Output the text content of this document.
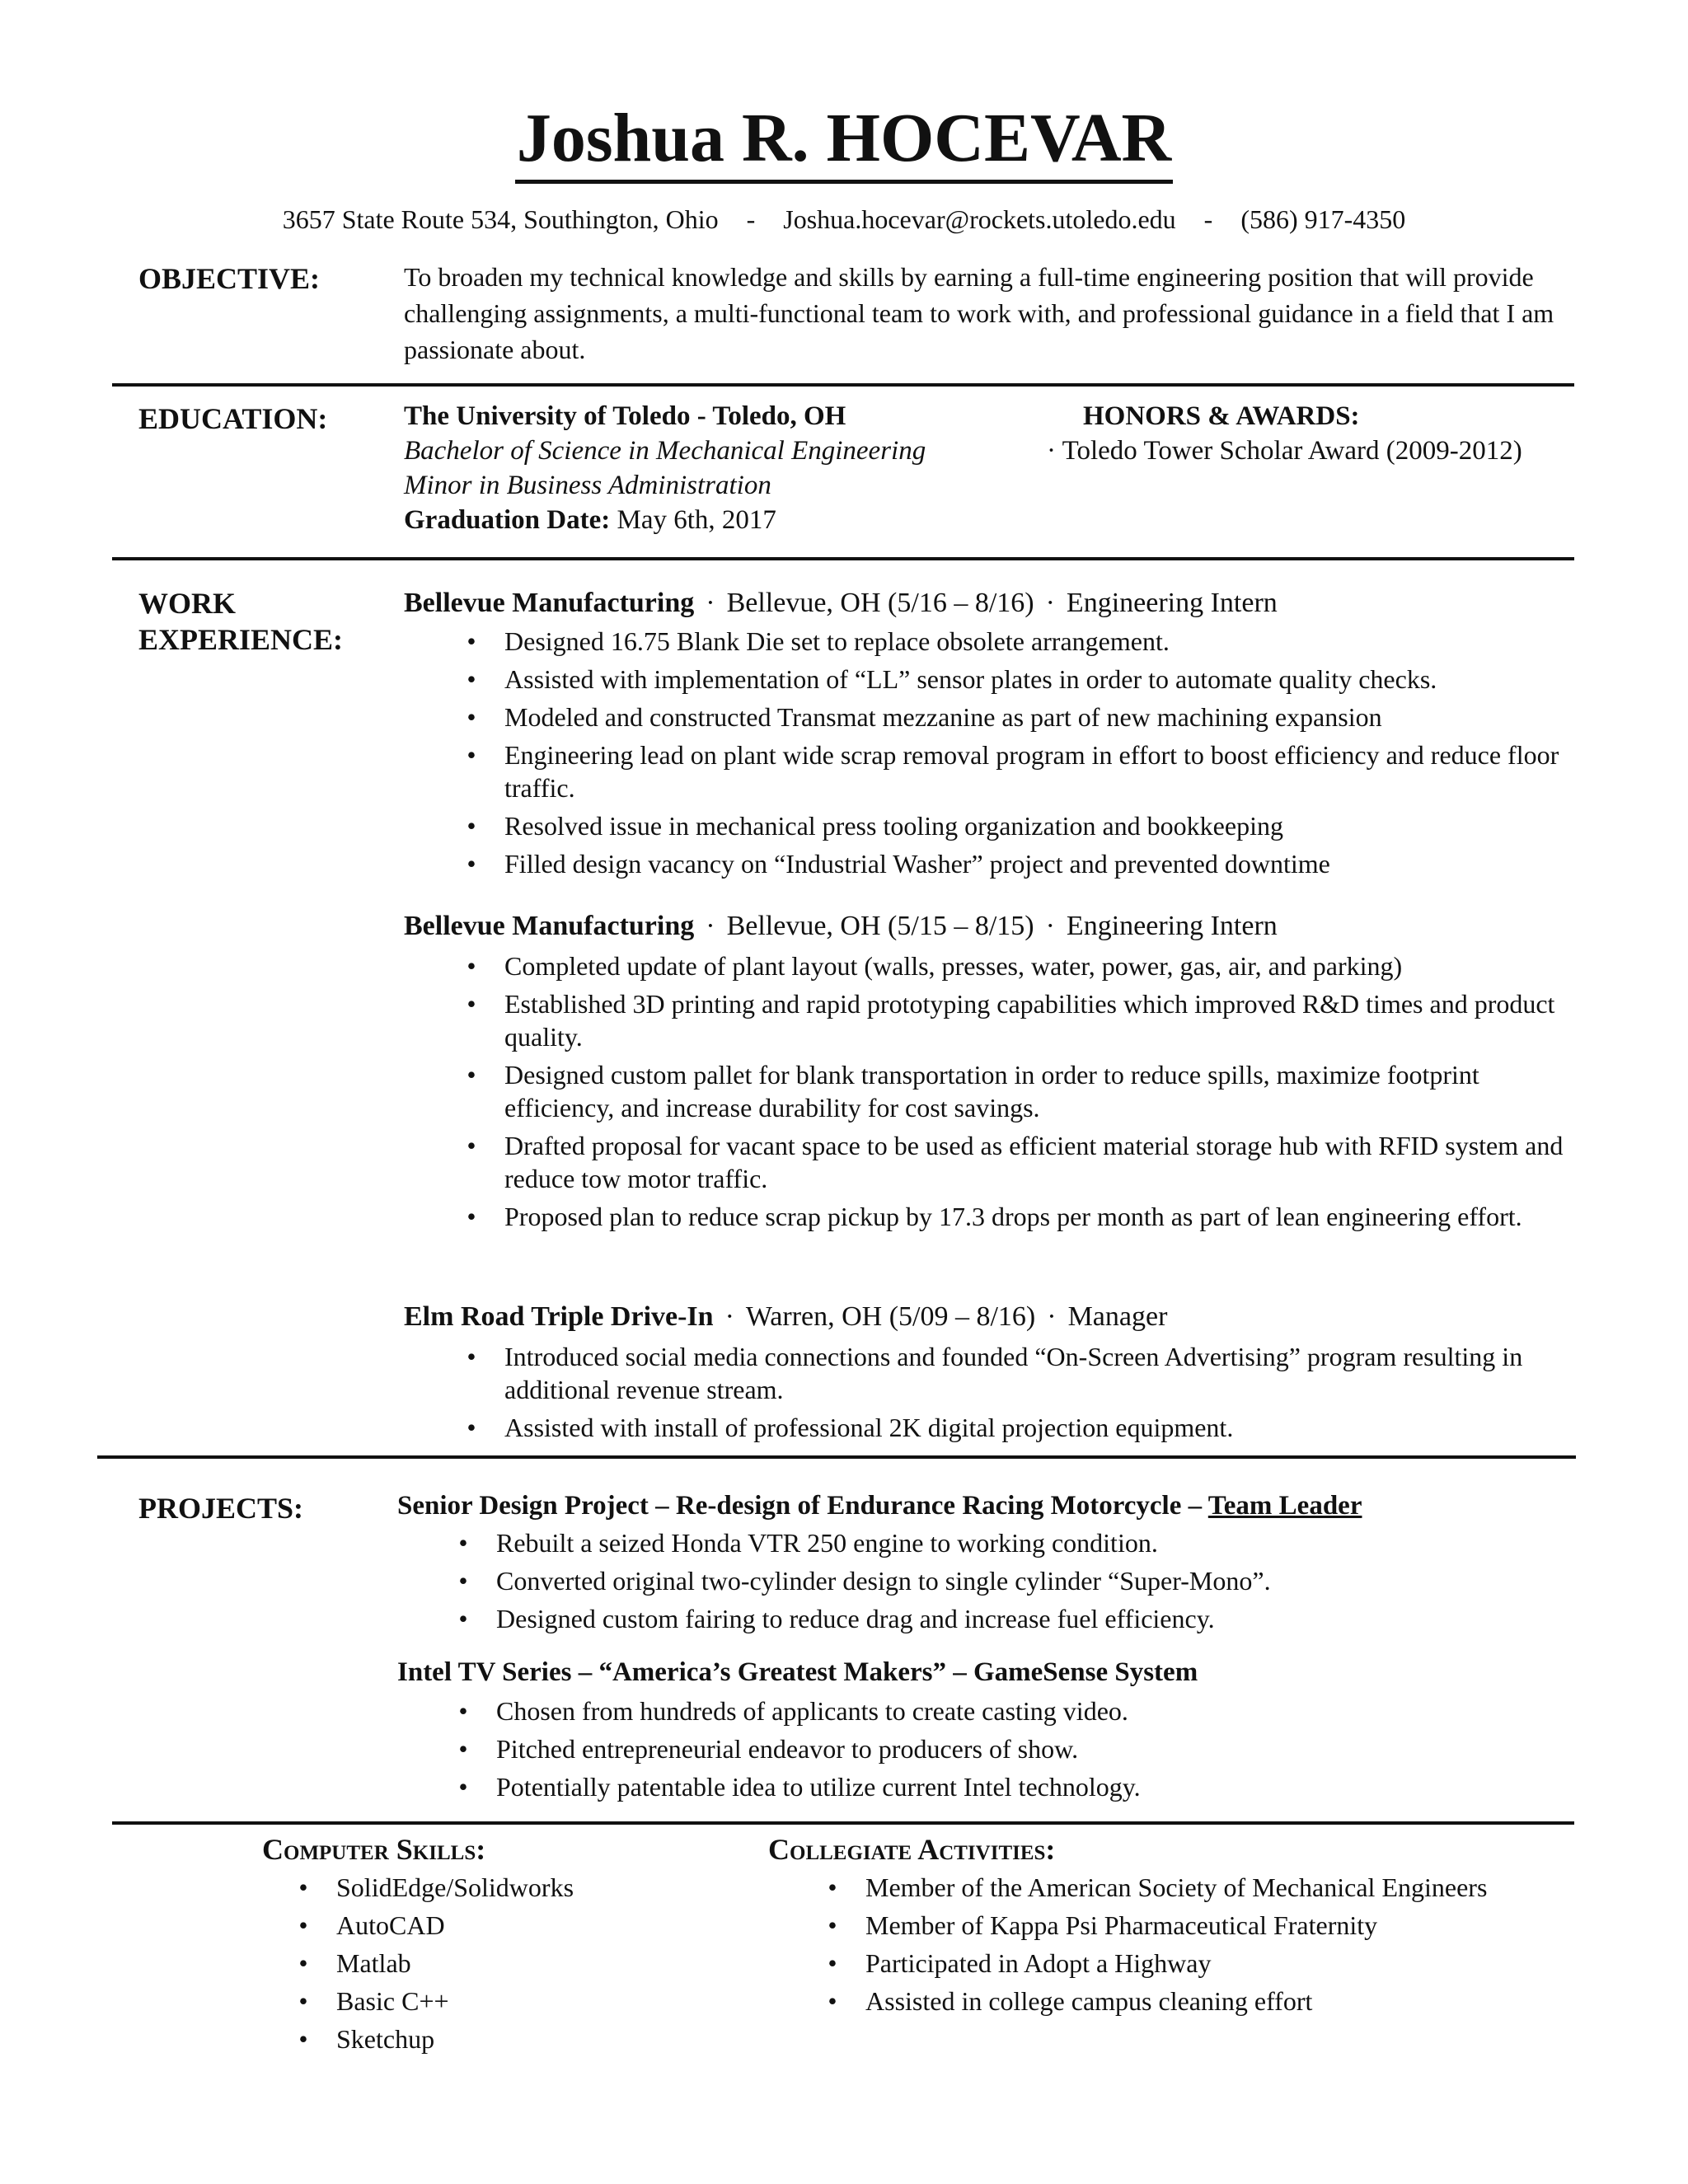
Joshua R. HOCEVAR
3657 State Route 534, Southington, Ohio - Joshua.hocevar@rockets.utoledo.edu - (586) 917-4350
OBJECTIVE:	To broaden my technical knowledge and skills by earning a full-time engineering position that will provide challenging assignments, a multi-functional team to work with, and professional guidance in a field that I am passionate about.
EDUCATION:	The University of Toledo - Toledo, OH
Bachelor of Science in Mechanical Engineering
Minor in Business Administration
Graduation Date: May 6th, 2017
HONORS & AWARDS:
· Toledo Tower Scholar Award (2009-2012)
WORK
EXPERIENCE:
Bellevue Manufacturing · Bellevue, OH (5/16 – 8/16) · Engineering Intern
• Designed 16.75 Blank Die set to replace obsolete arrangement.
• Assisted with implementation of “LL” sensor plates in order to automate quality checks.
• Modeled and constructed Transmat mezzanine as part of new machining expansion
• Engineering lead on plant wide scrap removal program in effort to boost efficiency and reduce floor traffic.
• Resolved issue in mechanical press tooling organization and bookkeeping
• Filled design vacancy on “Industrial Washer” project and prevented downtime
Bellevue Manufacturing · Bellevue, OH (5/15 – 8/15) · Engineering Intern
• Completed update of plant layout (walls, presses, water, power, gas, air, and parking)
• Established 3D printing and rapid prototyping capabilities which improved R&D times and product quality.
• Designed custom pallet for blank transportation in order to reduce spills, maximize footprint efficiency, and increase durability for cost savings.
• Drafted proposal for vacant space to be used as efficient material storage hub with RFID system and reduce tow motor traffic.
• Proposed plan to reduce scrap pickup by 17.3 drops per month as part of lean engineering effort.
Elm Road Triple Drive-In · Warren, OH (5/09 – 8/16) · Manager
• Introduced social media connections and founded “On-Screen Advertising” program resulting in additional revenue stream.
• Assisted with install of professional 2K digital projection equipment.
PROJECTS:	Senior Design Project – Re-design of Endurance Racing Motorcycle – Team Leader
• Rebuilt a seized Honda VTR 250 engine to working condition.
• Converted original two-cylinder design to single cylinder “Super-Mono”.
• Designed custom fairing to reduce drag and increase fuel efficiency.
Intel TV Series – “America’s Greatest Makers” – GameSense System
• Chosen from hundreds of applicants to create casting video.
• Pitched entrepreneurial endeavor to producers of show.
• Potentially patentable idea to utilize current Intel technology.
Computer Skills:
• SolidEdge/Solidworks
• AutoCAD
• Matlab
• Basic C++
• Sketchup
Collegiate Activities:
• Member of the American Society of Mechanical Engineers
• Member of Kappa Psi Pharmaceutical Fraternity
• Participated in Adopt a Highway
• Assisted in college campus cleaning effort
